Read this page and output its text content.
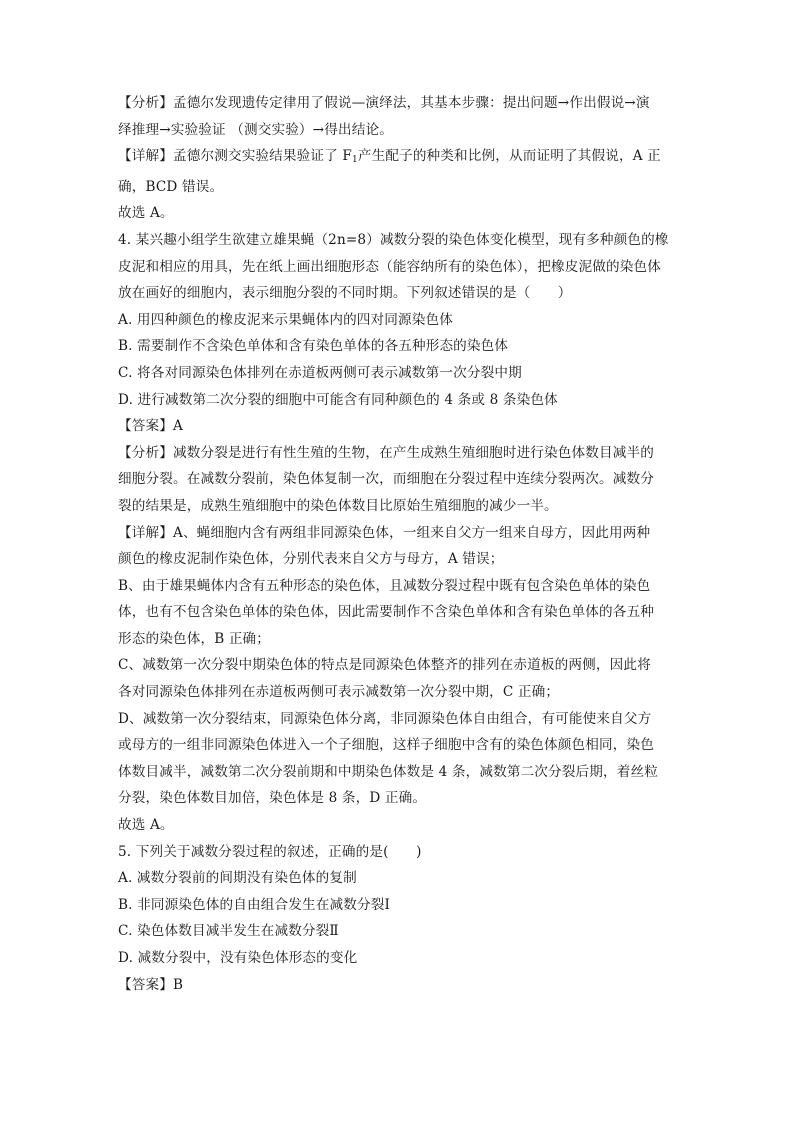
【分析】孟德尔发现遗传定律用了假说—演绎法，其基本步骤：提出问题→作出假说→演

绎推理→实验验证 （测交实验）→得出结论。

【详解】孟德尔测交实验结果验证了 $F_1$产生配子的种类和比例，从而证明了其假说，A 正

确，BCD 错误。

故选 A。

4. 某兴趣小组学生欲建立雄果蝇（2n=8）减数分裂的染色体变化模型，现有多种颜色的橡

皮泥和相应的用具，先在纸上画出细胞形态（能容纳所有的染色体），把橡皮泥做的染色体

放在画好的细胞内，表示细胞分裂的不同时期。下列叙述错误的是（　　）

A. 用四种颜色的橡皮泥来示果蝇体内的四对同源染色体

B. 需要制作不含染色单体和含有染色单体的各五种形态的染色体

C. 将各对同源染色体排列在赤道板两侧可表示减数第一次分裂中期

D. 进行减数第二次分裂的细胞中可能含有同种颜色的 4 条或 8 条染色体

【答案】A

【分析】减数分裂是进行有性生殖的生物，在产生成熟生殖细胞时进行染色体数目减半的

细胞分裂。在减数分裂前，染色体复制一次，而细胞在分裂过程中连续分裂两次。减数分

裂的结果是，成熟生殖细胞中的染色体数目比原始生殖细胞的减少一半。

【详解】A、蝇细胞内含有两组非同源染色体，一组来自父方一组来自母方，因此用两种

颜色的橡皮泥制作染色体，分别代表来自父方与母方，A 错误；

B、由于雄果蝇体内含有五种形态的染色体，且减数分裂过程中既有包含染色单体的染色

体，也有不包含染色单体的染色体，因此需要制作不含染色单体和含有染色单体的各五种

形态的染色体，B 正确；

C、减数第一次分裂中期染色体的特点是同源染色体整齐的排列在赤道板的两侧，因此将

各对同源染色体排列在赤道板两侧可表示减数第一次分裂中期，C 正确；

D、减数第一次分裂结束，同源染色体分离，非同源染色体自由组合，有可能使来自父方

或母方的一组非同源染色体进入一个子细胞，这样子细胞中含有的染色体颜色相同，染色

体数目减半，减数第二次分裂前期和中期染色体数是 4 条，减数第二次分裂后期，着丝粒

分裂，染色体数目加倍，染色体是 8 条，D 正确。

故选 A。

5. 下列关于减数分裂过程的叙述，正确的是(　　)

A. 减数分裂前的间期没有染色体的复制

B. 非同源染色体的自由组合发生在减数分裂Ⅰ

C. 染色体数目减半发生在减数分裂Ⅱ

D. 减数分裂中，没有染色体形态的变化

【答案】B
